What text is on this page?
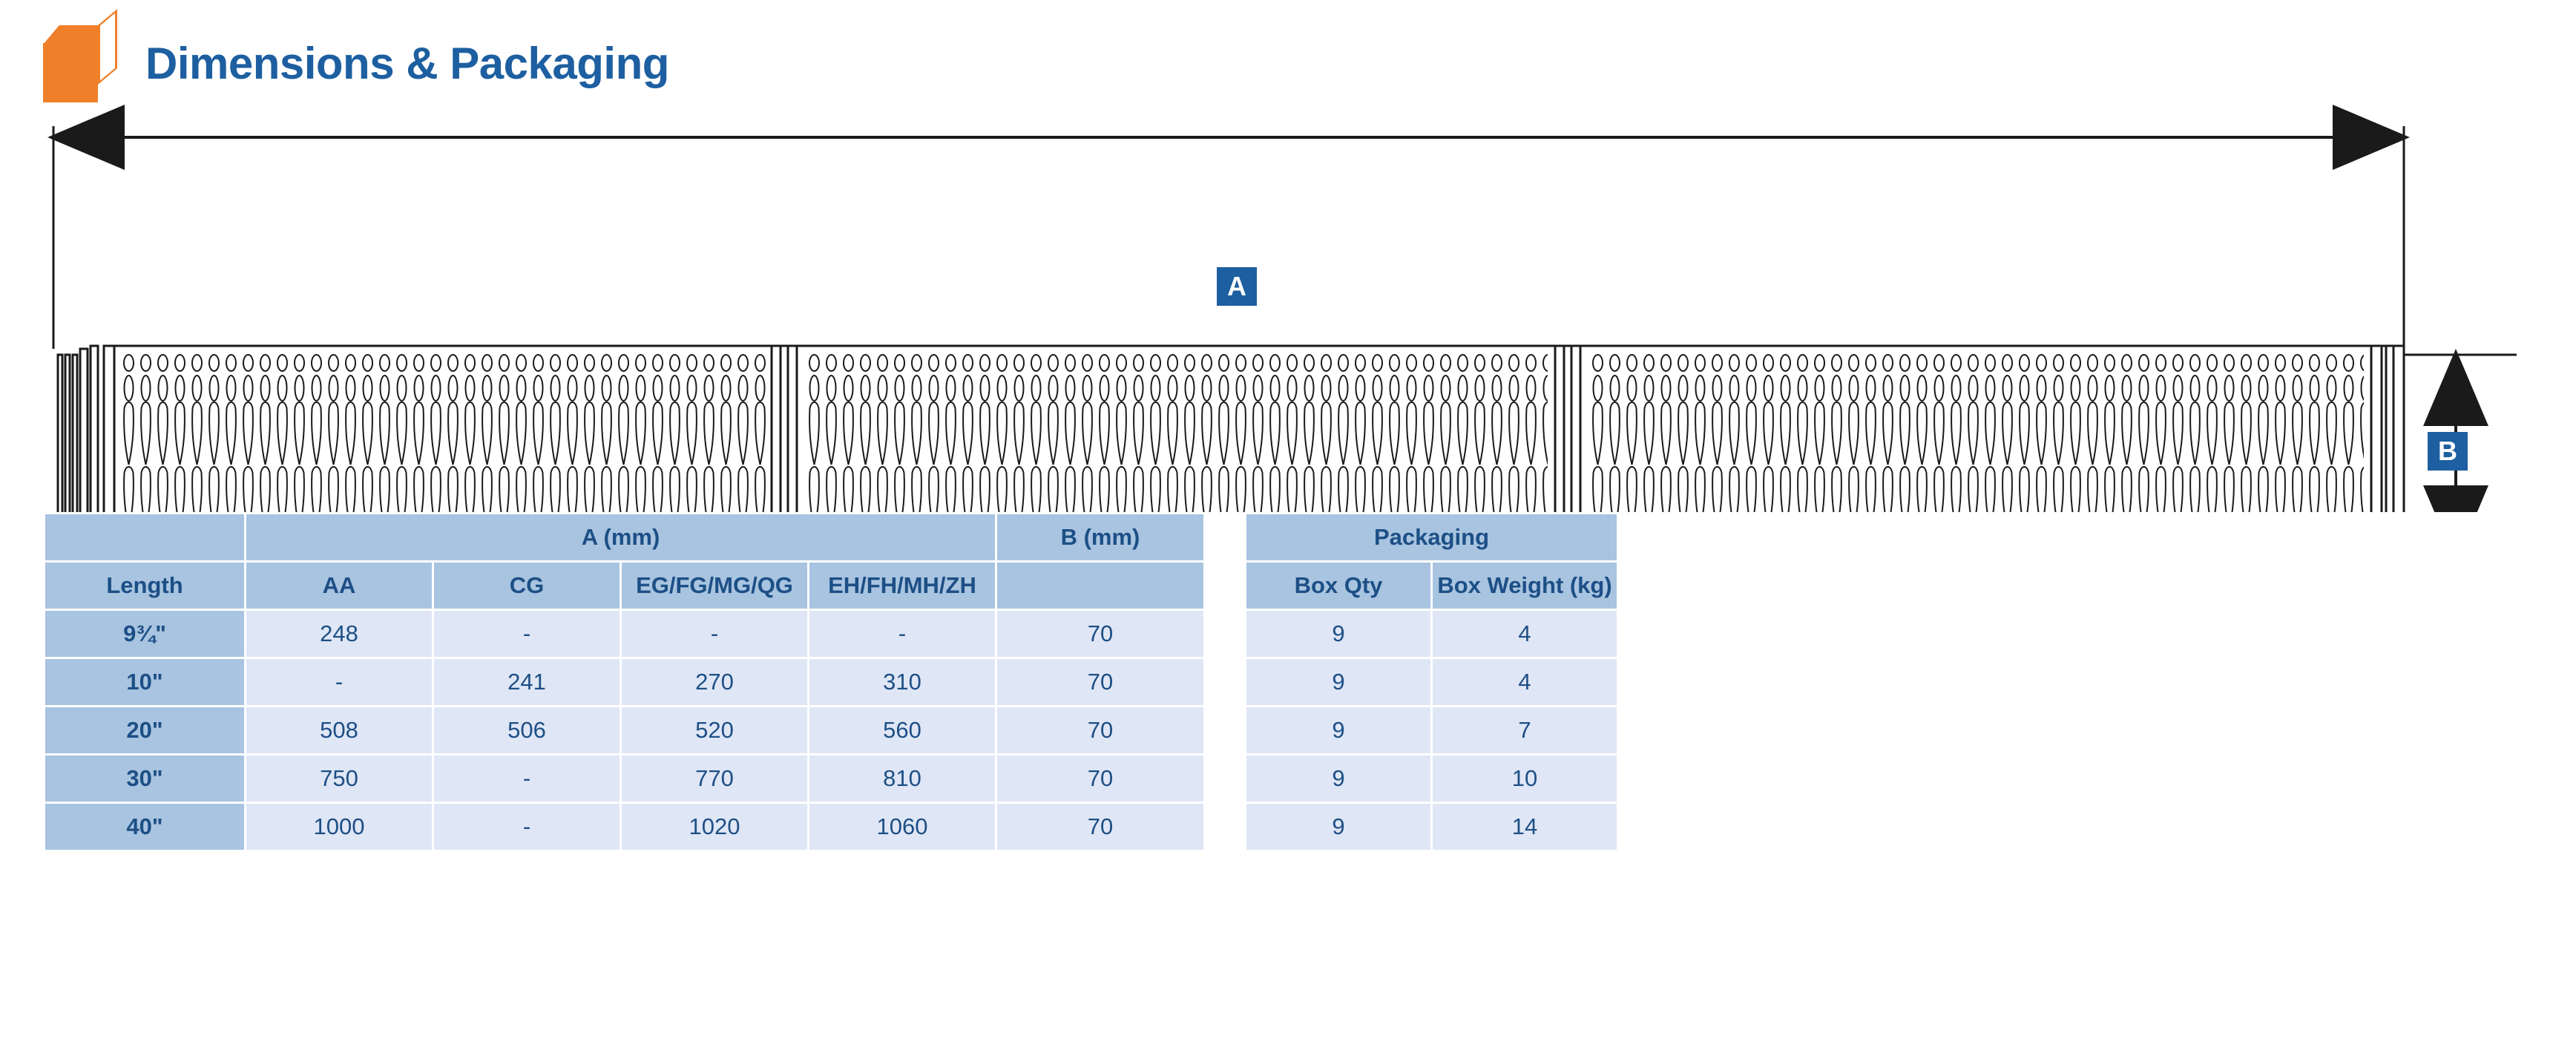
Dimensions & Packaging
A
B
	A (mm)				B (mm)
Length	AA	CG	EG/FG/MG/QG	EH/FH/MH/ZH	
9¾"	248	-	-	-	70
10"	-	241	270	310	70
20"	508	506	520	560	70
30"	750	-	770	810	70
40"	1000	-	1020	1060	70
Packaging	
Box Qty	Box Weight (kg)
9	4
9	4
9	7
9	10
9	14
